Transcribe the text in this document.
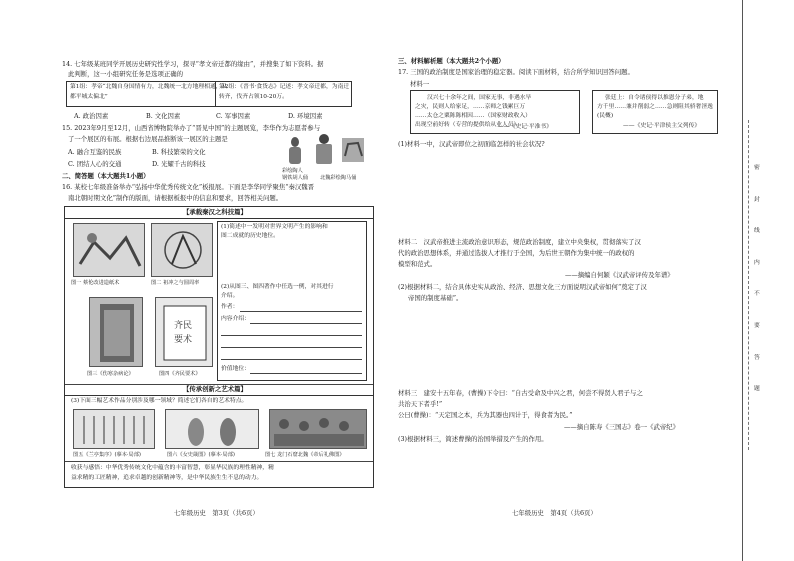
14. 七年级某班同学开展历史研究性学习，探寻“孝文帝迁都的缘由”，并搜集了如下资料。据
此判断，这一小组研究任务是选项正确的
第1组：孝帝“北魏自身国情有力，北魏统一北方地理相通，从
都平城太偏北”
第2组：《晋书·食货志》记述：孝文帝迁都，为南迁
转齐，伐齐占领10-20万。
A. 政治因素	B. 文化因素	C. 军事因素	D. 环境因素
15. 2023年9月至12月，山西省博物院举办了“晋见中国”的主题展览，李华作为志愿者参与
了一个展区的布展。根据右边展品推断该一展区的主题是
A. 融合互鉴的民族	B. 科技繁荣的文化
C. 团结人心的交通	D. 光耀千古的科技
彩绘陶人
钢铁胡人俑 北魏彩绘陶马俑
二、简答题（本大题共1小题）
16. 某校七年级准备举办“弘扬中华优秀传统文化”板报展。下面是李华同学聚焦“秦汉魏晋
南北朝时期文化”制作的版面，请根据板报中的信息和要求，回答相关问题。
【承载秦汉之科技篇】
图一 蔡伦改进造纸术	图二 祖冲之与圆周率
齐民
要术
图三《伤寒杂病论》	图四《齐民要术》
(1)简述中一发明对世界文明产生的影响和
图二成就的历史地位。
(2)从图三、图四著作中任选一例，对其进行
介绍。
作者：
内容介绍：
价值地位：
【传承创新之艺术篇】
(3)下面三幅艺术作品分别涉及哪一领域？简述它们各自的艺术特点。
图五《兰亭集序》(摹本·局部)	图六《女史箴图》(摹本·局部)	图七 龙门石窟北魏《帝后礼佛图》
收获与感悟：中华优秀传统文化中蕴含的丰富智慧，彰显华民族的理性精神，精
益求精的工匠精神，追求卓越的创新精神等，是中华民族生生不息的动力。
七年级历史　第3页（共6页）
三、材料解析题（本大题共2个小题）
17. 三国的政治制度是国家治理的稳定器。阅读下面材料，结合所学知识回答问题。
材料一
汉兴七十余年之间，国家无事，非遇水旱
之灾，民则人给家足，……京师之钱累巨万
……太仓之粟陈陈相因……（国家财政收入）
出现空前好转（专营的提供给从业人员）
——《史记·平准书》
张廷上：自令诸侯得以推恩分子弟，地
方千里……兼并削弱之……急则阻其骄奢淫逸
(民概)
——《史记·平津侯主父列传》
(1)材料一中，汉武帝即位之初面临怎样的社会状况?
材料二　汉武帝推进主流政治意识形态，规范政治制度，建立中央集权，贯彻落实了汉
代的政治思想体系，并通过选拔人才推行于全国，为后世王朝作为集中统一的政权的
模型和范式。
——摘编自何颖《汉武帝评传及年谱》
(2)根据材料二，结合具体史实从政治、经济、思想文化三方面说明汉武帝如何“奠定了汉
帝国的制度基础”。
材料三　建安十五年春，(曹操)下令曰：“自古受命及中兴之君，何尝不得贤人君子与之
共治天下者乎!”
公曰(曹操)：“天定国之本，兵为其器也四计于，得食者为民。”
——摘自陈寿《三国志》卷一《武帝纪》
(3)根据材料三，简述曹操的治国举措及产生的作用。
七年级历史　第4页（共6页）
密
封
线
内
不
要
答
题
